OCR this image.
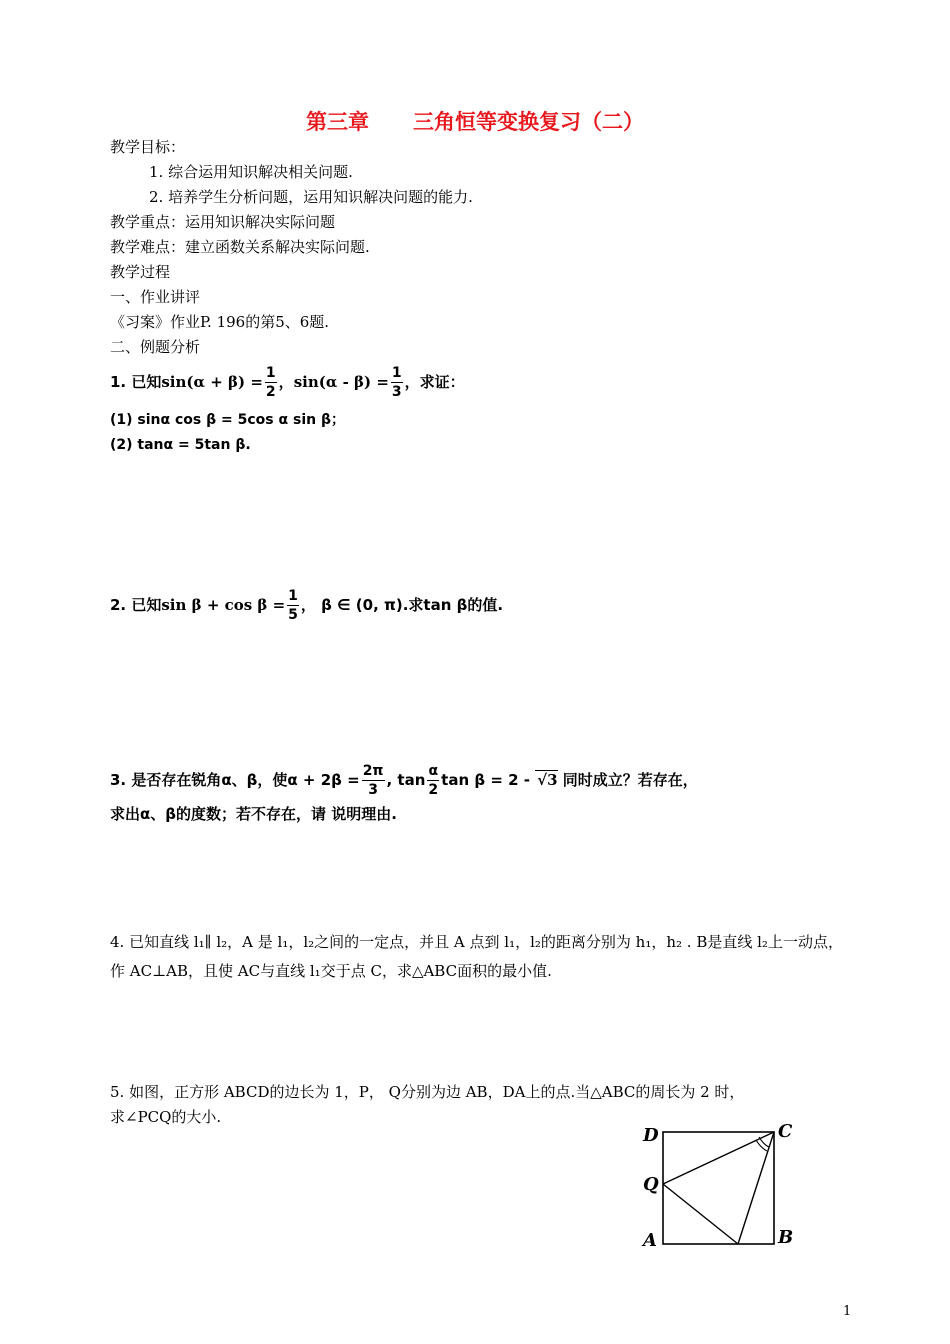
第三章 三角恒等变换复习（二）
教学目标：
1. 综合运用知识解决相关问题.
2. 培养学生分析问题，运用知识解决问题的能力.
教学重点：运用知识解决实际问题
教学难点：建立函数关系解决实际问题.
教学过程
一、作业讲评
《习案》作业P. 196的第5、6题.
二、例题分析
1. 已知$\sin(\alpha + \beta) = \frac{1}{2}$ ，$\sin(\alpha - \beta) = \frac{1}{3}$ ，求证：
(1) sinα cos β = 5cos α sin β；
(2) tanα = 5tan β.
2. 已知$\sin \beta + \cos \beta = \frac{1}{5}$ ， β ∈ (0, π).求tan β的值.
3. 是否存在锐角α、β，使$\alpha + 2\beta = \frac{2\pi}{3}$ , $\tan \frac{\alpha}{2}$ tan β = 2 - √3 同时成立？若存在，
求出α、β的度数；若不存在，请 说明理由.
4. 已知直线 l₁∥ l₂，A 是 l₁，l₂之间的一定点，并且 A 点到 l₁，l₂的距离分别为 h₁，h₂ . B是直线 l₂上一动点，作 AC⊥AB，且使 AC与直线 l₁交于点 C，求△ABC面积的最小值.
5. 如图，正方形 ABCD的边长为 1，P， Q分别为边 AB，DA上的点.当△ABC的周长为 2 时，
求∠PCQ的大小.
D	C
Q
A	B
1
